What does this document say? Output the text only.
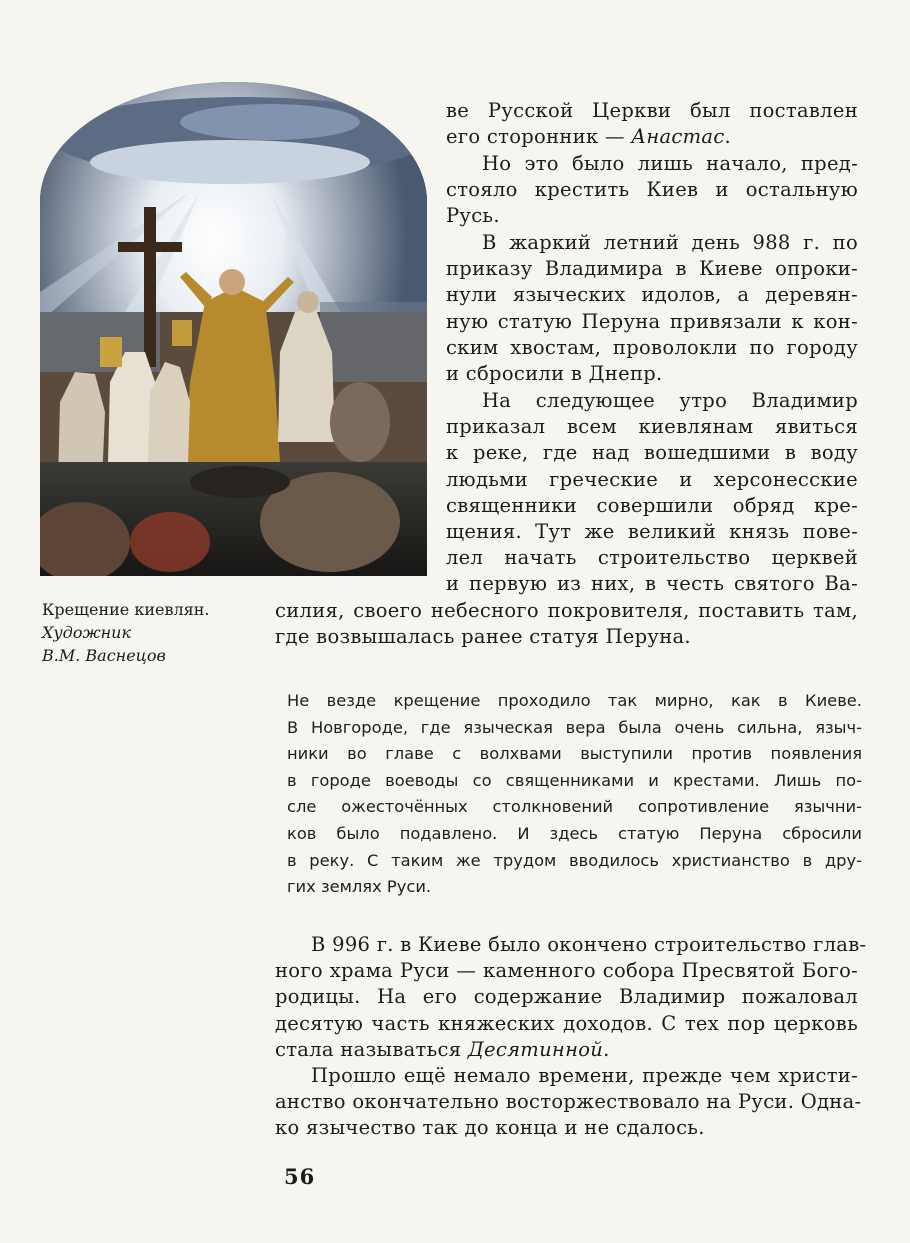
Крещение киевлян.
Художник
В.М. Васнецов
ве Русской Церкви был поставлен
его сторонник — Анастас.
Но это было лишь начало, пред-
стояло крестить Киев и остальную
Русь.
В жаркий летний день 988 г. по
приказу Владимира в Киеве опроки-
нули языческих идолов, а деревян-
ную статую Перуна привязали к кон-
ским хвостам, проволокли по городу
и сбросили в Днепр.
На следующее утро Владимир
приказал всем киевлянам явиться
к реке, где над вошедшими в воду
людьми греческие и херсонесские
священники совершили обряд кре-
щения. Тут же великий князь пове-
лел начать строительство церквей
и первую из них, в честь святого Ва-
силия, своего небесного покровителя, поставить там,
где возвышалась ранее статуя Перуна.
Не везде крещение проходило так мирно, как в Киеве.
В Новгороде, где языческая вера была очень сильна, языч-
ники во главе с волхвами выступили против появления
в городе воеводы со священниками и крестами. Лишь по-
сле ожесточённых столкновений сопротивление язычни-
ков было подавлено. И здесь статую Перуна сбросили
в реку. С таким же трудом вводилось христианство в дру-
гих землях Руси.
В 996 г. в Киеве было окончено строительство глав-
ного храма Руси — каменного собора Пресвятой Бого-
родицы. На его содержание Владимир пожаловал
десятую часть княжеских доходов. С тех пор церковь
стала называться Десятинной.
Прошло ещё немало времени, прежде чем христи-
анство окончательно восторжествовало на Руси. Одна-
ко язычество так до конца и не сдалось.
56
